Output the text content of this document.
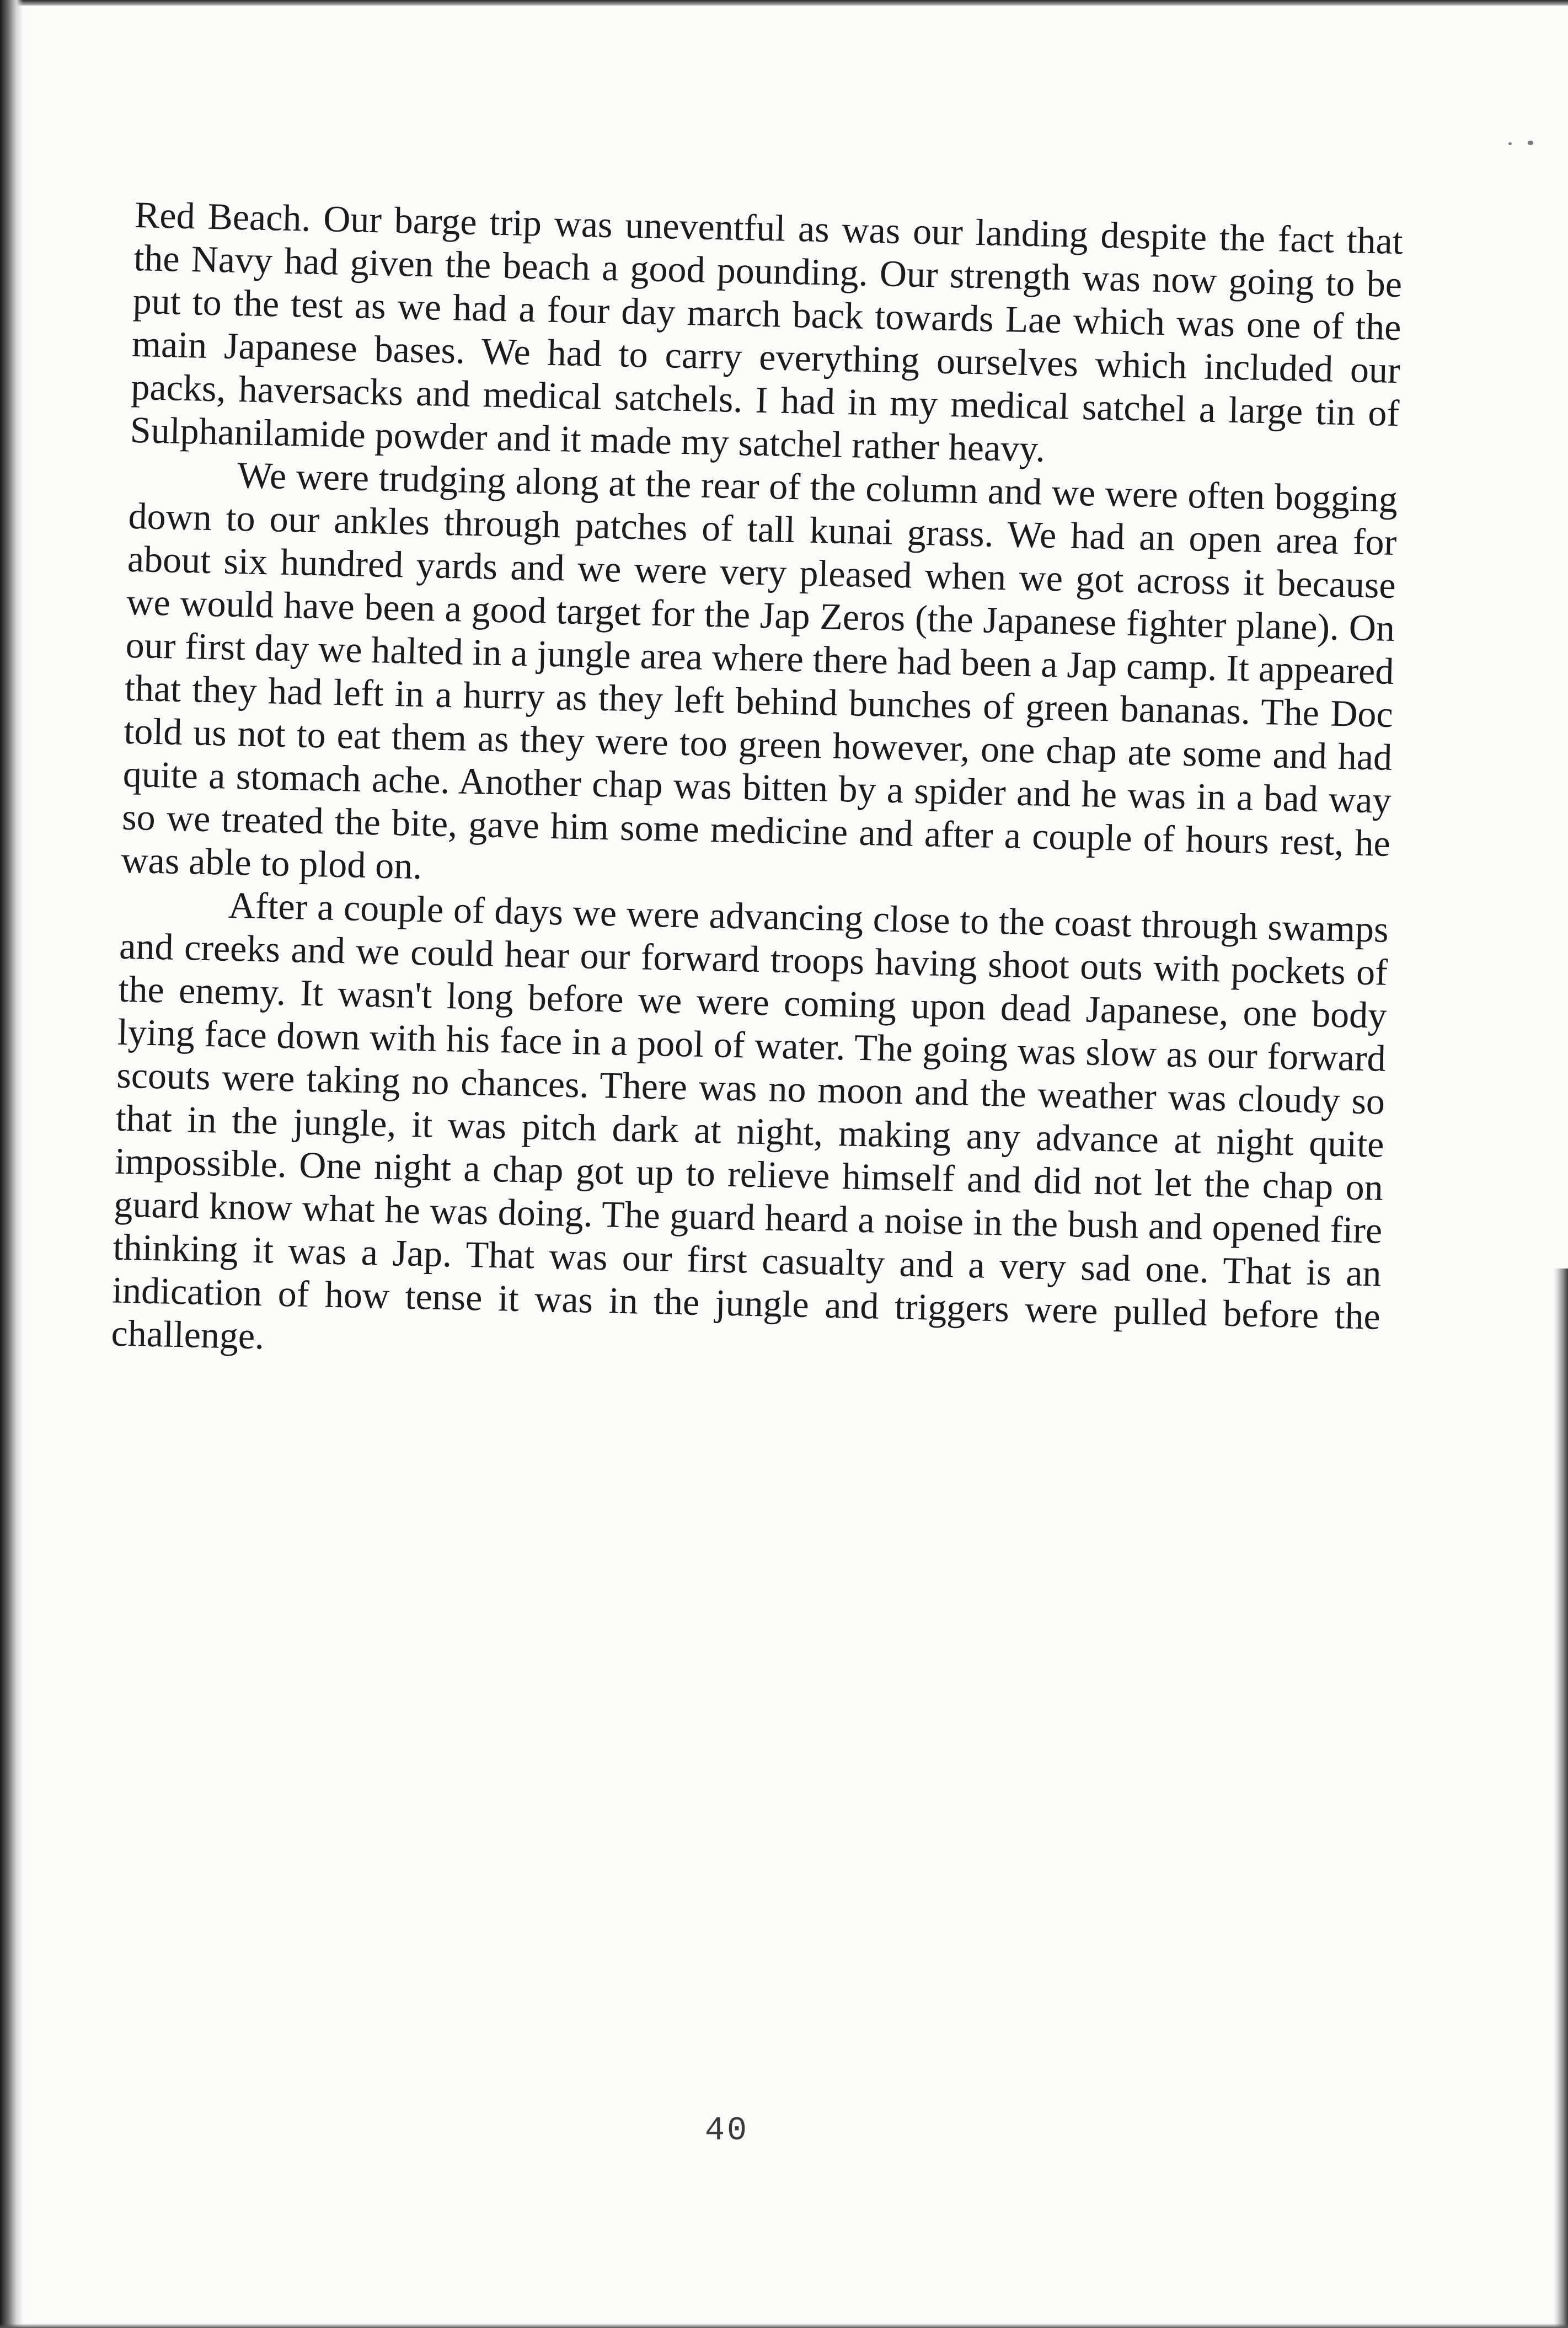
Red Beach. Our barge trip was uneventful as was our landing despite the fact that the Navy had given the beach a good pounding. Our strength was now going to be put to the test as we had a four day march back towards Lae which was one of the main Japanese bases. We had to carry everything ourselves which included our packs, haversacks and medical satchels. I had in my medical satchel a large tin of Sulphanilamide powder and it made my satchel rather heavy.

We were trudging along at the rear of the column and we were often bogging down to our ankles through patches of tall kunai grass. We had an open area for about six hundred yards and we were very pleased when we got across it because we would have been a good target for the Jap Zeros (the Japanese fighter plane). On our first day we halted in a jungle area where there had been a Jap camp. It appeared that they had left in a hurry as they left behind bunches of green bananas. The Doc told us not to eat them as they were too green however, one chap ate some and had quite a stomach ache. Another chap was bitten by a spider and he was in a bad way so we treated the bite, gave him some medicine and after a couple of hours rest, he was able to plod on.

After a couple of days we were advancing close to the coast through swamps and creeks and we could hear our forward troops having shoot outs with pockets of the enemy. It wasn't long before we were coming upon dead Japanese, one body lying face down with his face in a pool of water. The going was slow as our forward scouts were taking no chances. There was no moon and the weather was cloudy so that in the jungle, it was pitch dark at night, making any advance at night quite impossible. One night a chap got up to relieve himself and did not let the chap on guard know what he was doing. The guard heard a noise in the bush and opened fire thinking it was a Jap. That was our first casualty and a very sad one. That is an indication of how tense it was in the jungle and triggers were pulled before the challenge.

40
